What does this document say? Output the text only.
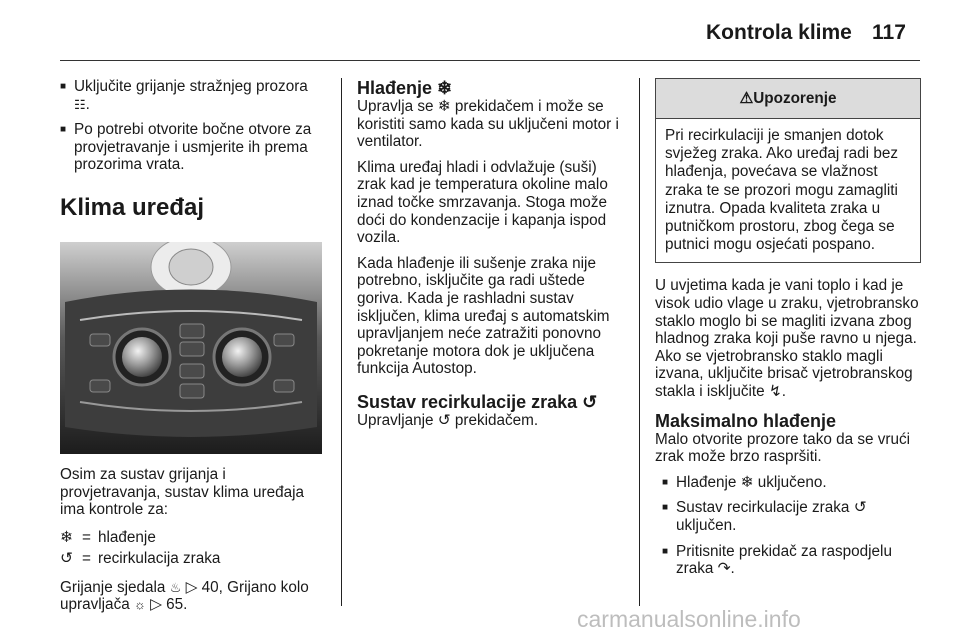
Kontrola klime 117
■ Uključite grijanje stražnjeg prozora
☷.
■ Po potrebi otvorite bočne otvore za provjetravanje i usmjerite ih prema prozorima vrata.
Klima uređaj

Osim za sustav grijanja i provjetravanja, sustav klima uređaja ima kontrole za:

❄ = hlađenje
↺ = recirkulacija zraka

Grijanje sjedala ♨ ▷ 40, Grijano kolo upravljača ☼ ▷ 65.

Hlađenje ❄

Upravlja se ❄ prekidačem i može se koristiti samo kada su uključeni motor i ventilator.

Klima uređaj hladi i odvlažuje (suši) zrak kad je temperatura okoline malo iznad točke smrzavanja. Stoga može doći do kondenzacije i kapanja ispod vozila.

Kada hlađenje ili sušenje zraka nije potrebno, isključite ga radi uštede goriva. Kada je rashladni sustav isključen, klima uređaj s automatskim upravljanjem neće zatražiti ponovno pokretanje motora dok je uključena funkcija Autostop.

Sustav recirkulacije zraka ↺

Upravljanje ↺ prekidačem.

⚠ Upozorenje
Pri recirkulaciji je smanjen dotok svježeg zraka. Ako uređaj radi bez hlađenja, povećava se vlažnost zraka te se prozori mogu zamagliti iznutra. Opada kvaliteta zraka u putničkom prostoru, zbog čega se putnici mogu osjećati pospano.

U uvjetima kada je vani toplo i kad je visok udio vlage u zraku, vjetrobransko staklo moglo bi se magliti izvana zbog hladnog zraka koji puše ravno u njega. Ako se vjetrobransko staklo magli izvana, uključite brisač vjetrobranskog stakla i isključite ↯.

Maksimalno hlađenje

Malo otvorite prozore tako da se vrući zrak može brzo raspršiti.

■ Hlađenje ❄ uključeno.
■ Sustav recirkulacije zraka ↺ uključen.
■ Pritisnite prekidač za raspodjelu zraka ↷.
carmanualsonline.info
